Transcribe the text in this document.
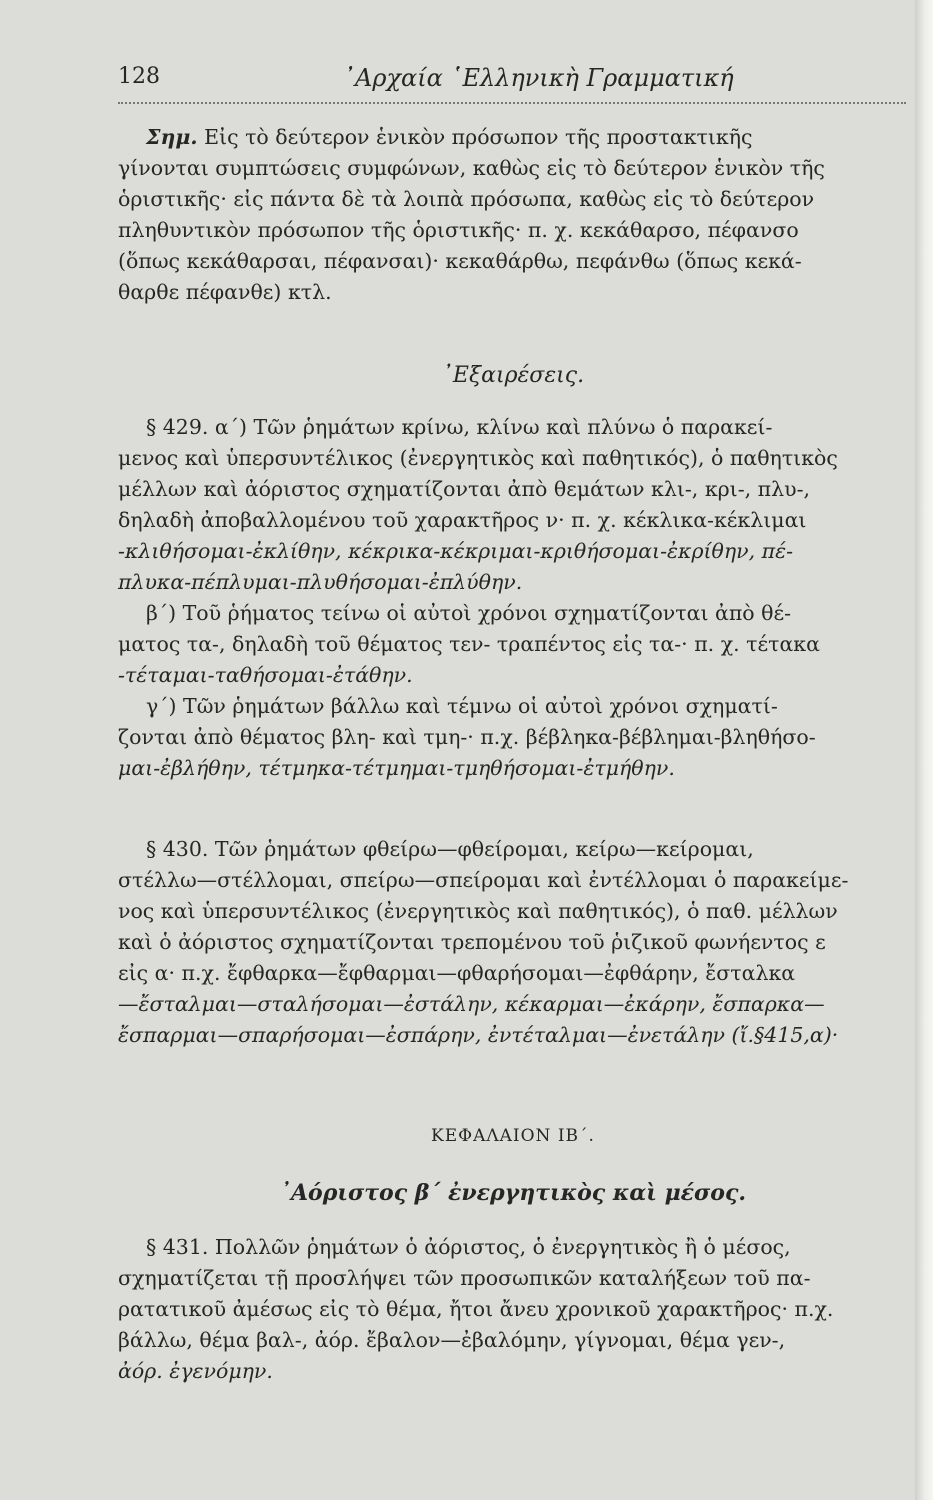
128	᾿Αρχαία ῾Ελληνικὴ Γραμματική

Σημ. Εἰς τὸ δεύτερον ἑνικὸν πρόσωπον τῆς προστακτικῆς

γίνονται συμπτώσεις συμφώνων, καθὼς εἰς τὸ δεύτερον ἑνικὸν τῆς

ὁριστικῆς· εἰς πάντα δὲ τὰ λοιπὰ πρόσωπα, καθὼς εἰς τὸ δεύτερον

πληθυντικὸν πρόσωπον τῆς ὁριστικῆς· π. χ. κεκάθαρσο, πέφανσο

(ὅπως κεκάθαρσαι, πέφανσαι)· κεκαθάρθω, πεφάνθω (ὅπως κεκά-

θαρθε πέφανθε) κτλ.

᾿Εξαιρέσεις.

§ 429. α΄) Τῶν ῥημάτων κρίνω, κλίνω καὶ πλύνω ὁ παρακεί-

μενος καὶ ὑπερσυντέλικος (ἐνεργητικὸς καὶ παθητικός), ὁ παθητικὸς

μέλλων καὶ ἀόριστος σχηματίζονται ἀπὸ θεμάτων κλι-, κρι-, πλυ-,

δηλαδὴ ἀποβαλλομένου τοῦ χαρακτῆρος ν· π. χ. κέκλικα-κέκλιμαι

-κλιθήσομαι-ἐκλίθην, κέκρικα-κέκριμαι-κριθήσομαι-ἐκρίθην, πέ-

πλυκα-πέπλυμαι-πλυθήσομαι-ἐπλύθην.

β΄) Τοῦ ῥήματος τείνω οἱ αὐτοὶ χρόνοι σχηματίζονται ἀπὸ θέ-

ματος τα-, δηλαδὴ τοῦ θέματος τεν- τραπέντος εἰς τα-· π. χ. τέτακα

-τέταμαι-ταθήσομαι-ἐτάθην.

γ΄) Τῶν ῥημάτων βάλλω καὶ τέμνω οἱ αὐτοὶ χρόνοι σχηματί-

ζονται ἀπὸ θέματος βλη- καὶ τμη-· π.χ. βέβληκα-βέβλημαι-βληθήσο-

μαι-ἐβλήθην, τέτμηκα-τέτμημαι-τμηθήσομαι-ἐτμήθην.

§ 430. Τῶν ῥημάτων φθείρω—φθείρομαι, κείρω—κείρομαι,

στέλλω—στέλλομαι, σπείρω—σπείρομαι καὶ ἐντέλλομαι ὁ παρακείμε-

νος καὶ ὑπερσυντέλικος (ἐνεργητικὸς καὶ παθητικός), ὁ παθ. μέλλων

καὶ ὁ ἀόριστος σχηματίζονται τρεπομένου τοῦ ῥιζικοῦ φωνήεντος ε

εἰς α· π.χ. ἔφθαρκα—ἔφθαρμαι—φθαρήσομαι—ἐφθάρην, ἔσταλκα

—ἔσταλμαι—σταλήσομαι—ἐστάλην, κέκαρμαι—ἐκάρην, ἔσπαρκα—

ἔσπαρμαι—σπαρήσομαι—ἐσπάρην, ἐντέταλμαι—ἐνετάλην (ἴ.§415,α)·

ΚΕΦΑΛΑΙΟΝ ΙΒ΄.
᾿Αόριστος β΄ ἐνεργητικὸς καὶ μέσος.

§ 431. Πολλῶν ῥημάτων ὁ ἀόριστος, ὁ ἐνεργητικὸς ἢ ὁ μέσος,

σχηματίζεται τῇ προσλήψει τῶν προσωπικῶν καταλήξεων τοῦ πα-

ρατατικοῦ ἀμέσως εἰς τὸ θέμα, ἤτοι ἄνευ χρονικοῦ χαρακτῆρος· π.χ.

βάλλω, θέμα βαλ-, ἀόρ. ἔβαλον—ἐβαλόμην, γίγνομαι, θέμα γεν-,

ἀόρ. ἐγενόμην.
